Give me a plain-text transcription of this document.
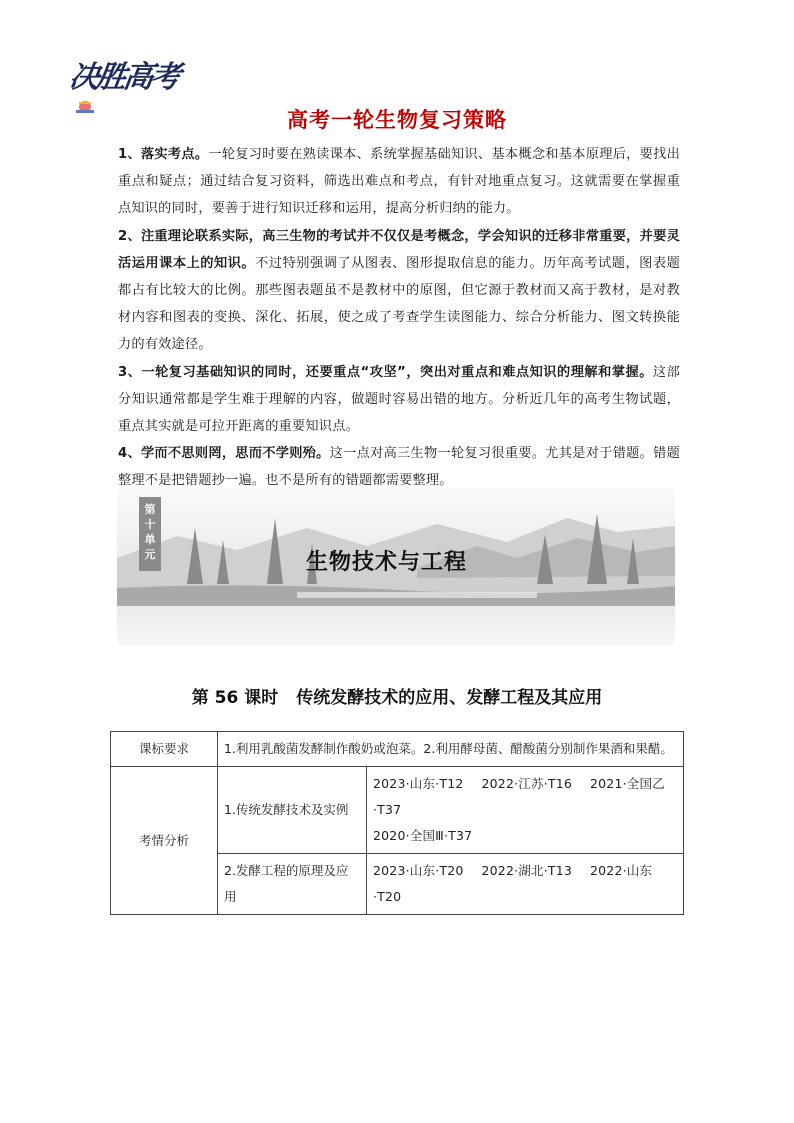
决胜高考
高考一轮生物复习策略

1、落实考点。一轮复习时要在熟读课本、系统掌握基础知识、基本概念和基本原理后，要找出重点和疑点；通过结合复习资料，筛选出难点和考点，有针对地重点复习。这就需要在掌握重点知识的同时，要善于进行知识迁移和运用，提高分析归纳的能力。

2、注重理论联系实际，高三生物的考试并不仅仅是考概念，学会知识的迁移非常重要，并要灵活运用课本上的知识。不过特别强调了从图表、图形提取信息的能力。历年高考试题，图表题都占有比较大的比例。那些图表题虽不是教材中的原图，但它源于教材而又高于教材，是对教材内容和图表的变换、深化、拓展，使之成了考查学生读图能力、综合分析能力、图文转换能力的有效途径。

3、一轮复习基础知识的同时，还要重点“攻坚”，突出对重点和难点知识的理解和掌握。这部分知识通常都是学生难于理解的内容，做题时容易出错的地方。分析近几年的高考生物试题，重点其实就是可拉开距离的重要知识点。

4、学而不思则罔，思而不学则殆。这一点对高三生物一轮复习很重要。尤其是对于错题。错题整理不是把错题抄一遍。也不是所有的错题都需要整理。

第
十
单
元	生物技术与工程
第 56 课时 传统发酵技术的应用、发酵工程及其应用
课标要求	1.利用乳酸菌发酵制作酸奶或泡菜。2.利用酵母菌、醋酸菌分别制作果酒和果醋。	
考情分析	1.传统发酵技术及实例	2023·山东·T12 2022·江苏·T16 2021·全国乙·T37
2020·全国Ⅲ·T37

	2.发酵工程的原理及应用	2023·山东·T20 2022·湖北·T13 2022·山东·T20
